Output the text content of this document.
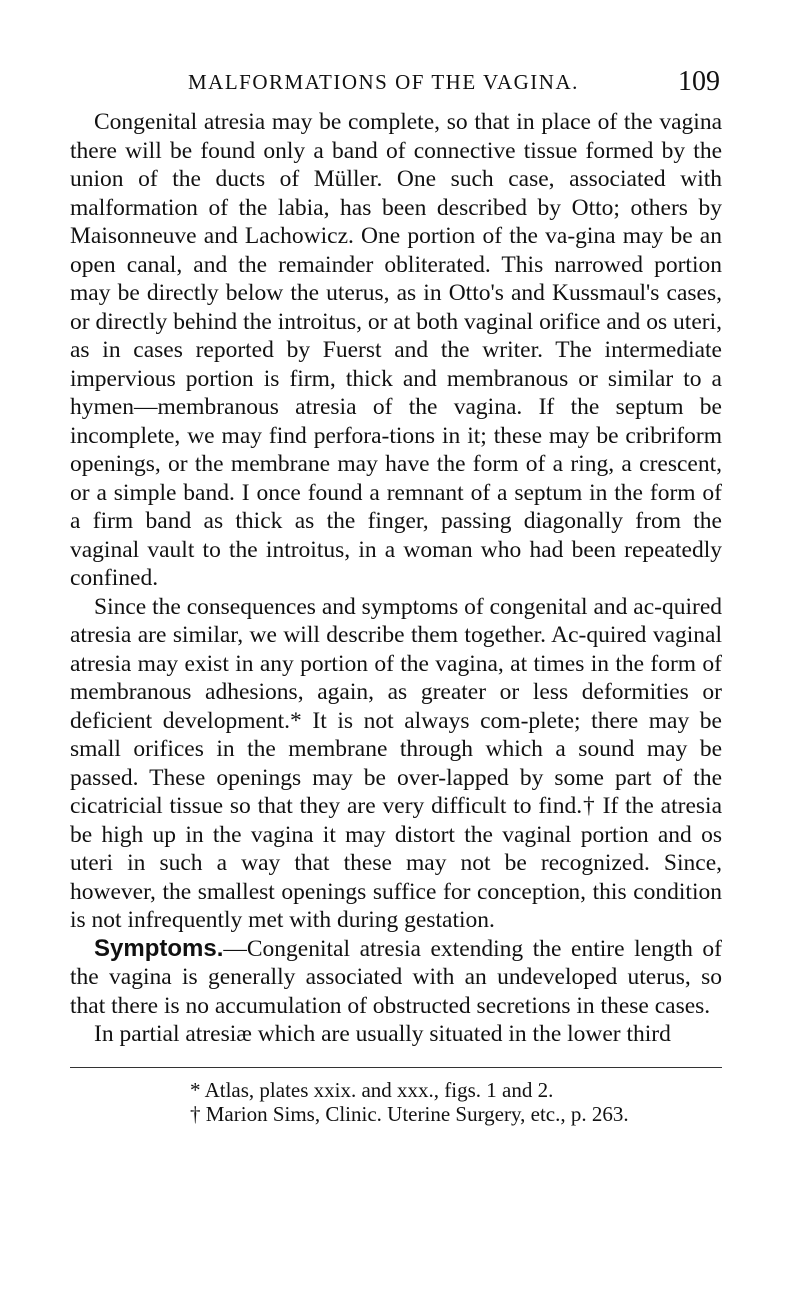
MALFORMATIONS OF THE VAGINA.	109

Congenital atresia may be complete, so that in place of the vagina there will be found only a band of connective tissue formed by the union of the ducts of Müller. One such case, associated with malformation of the labia, has been described by Otto; others by Maisonneuve and Lachowicz. One portion of the va-gina may be an open canal, and the remainder obliterated. This narrowed portion may be directly below the uterus, as in Otto's and Kussmaul's cases, or directly behind the introitus, or at both vaginal orifice and os uteri, as in cases reported by Fuerst and the writer. The intermediate impervious portion is firm, thick and membranous or similar to a hymen—membranous atresia of the vagina. If the septum be incomplete, we may find perfora-tions in it; these may be cribriform openings, or the membrane may have the form of a ring, a crescent, or a simple band. I once found a remnant of a septum in the form of a firm band as thick as the finger, passing diagonally from the vaginal vault to the introitus, in a woman who had been repeatedly confined.

Since the consequences and symptoms of congenital and ac-quired atresia are similar, we will describe them together. Ac-quired vaginal atresia may exist in any portion of the vagina, at times in the form of membranous adhesions, again, as greater or less deformities or deficient development.* It is not always com-plete; there may be small orifices in the membrane through which a sound may be passed. These openings may be over-lapped by some part of the cicatricial tissue so that they are very difficult to find.† If the atresia be high up in the vagina it may distort the vaginal portion and os uteri in such a way that these may not be recognized. Since, however, the smallest openings suffice for conception, this condition is not infrequently met with during gestation.

Symptoms.—Congenital atresia extending the entire length of the vagina is generally associated with an undeveloped uterus, so that there is no accumulation of obstructed secretions in these cases.

In partial atresiæ which are usually situated in the lower third

* Atlas, plates xxix. and xxx., figs. 1 and 2.
† Marion Sims, Clinic. Uterine Surgery, etc., p. 263.
